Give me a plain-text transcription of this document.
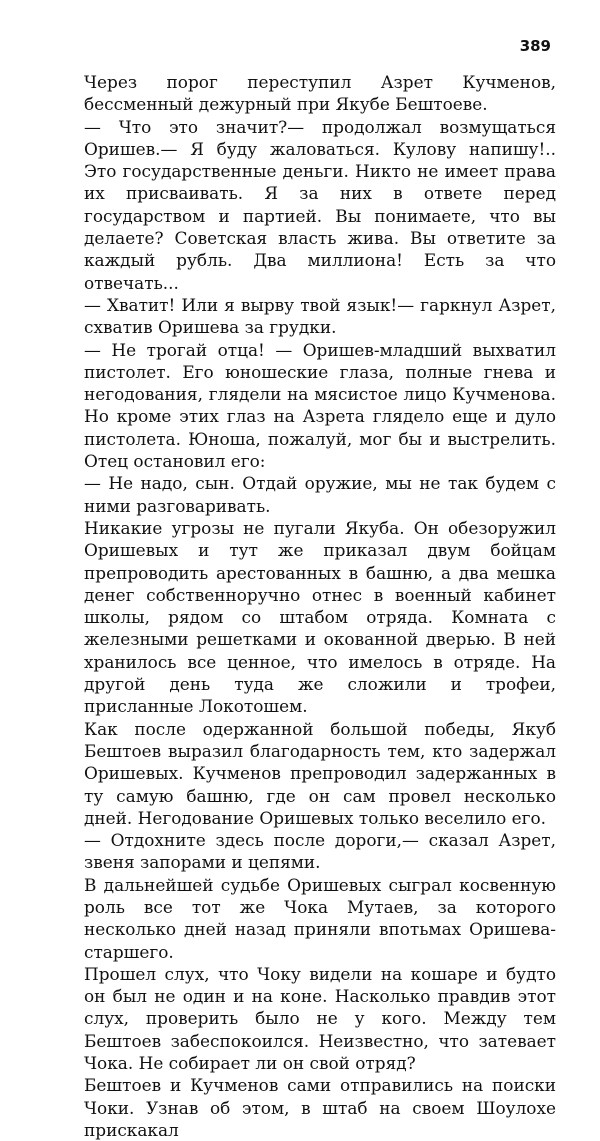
389

Через порог переступил Азрет Кучменов, бессменный дежурный при Якубе Бештоеве.

— Что это значит?— продолжал возмущаться Оришев.— Я буду жаловаться. Кулову напишу!.. Это государственные деньги. Никто не имеет права их присваивать. Я за них в ответе перед государством и партией. Вы понимаете, что вы делаете? Советская власть жива. Вы ответите за каждый рубль. Два миллиона! Есть за что отвечать...

— Хватит! Или я вырву твой язык!— гаркнул Азрет, схватив Оришева за грудки.

— Не трогай отца! — Оришев-младший выхватил пистолет. Его юношеские глаза, полные гнева и негодования, глядели на мясистое лицо Кучменова. Но кроме этих глаз на Азрета глядело еще и дуло пистолета. Юноша, пожалуй, мог бы и выстрелить. Отец остановил его:

— Не надо, сын. Отдай оружие, мы не так будем с ними разговаривать.

Никакие угрозы не пугали Якуба. Он обезоружил Оришевых и тут же приказал двум бойцам препроводить арестованных в башню, а два мешка денег собственноручно отнес в военный кабинет школы, рядом со штабом отряда. Комната с железными решетками и окованной дверью. В ней хранилось все ценное, что имелось в отряде. На другой день туда же сложили и трофеи, присланные Локотошем.

Как после одержанной большой победы, Якуб Бештоев выразил благодарность тем, кто задержал Оришевых. Кучменов препроводил задержанных в ту самую башню, где он сам провел несколько дней. Негодование Оришевых только веселило его.

— Отдохните здесь после дороги,— сказал Азрет, звеня запорами и цепями.

В дальнейшей судьбе Оришевых сыграл косвенную роль все тот же Чока Мутаев, за которого несколько дней назад приняли впотьмах Оришева-старшего.

Прошел слух, что Чоку видели на кошаре и будто он был не один и на коне. Насколько правдив этот слух, проверить было не у кого. Между тем Бештоев забеспокоился. Неизвестно, что затевает Чока. Не собирает ли он свой отряд?

Бештоев и Кучменов сами отправились на поиски Чоки. Узнав об этом, в штаб на своем Шоулохе прискакал
